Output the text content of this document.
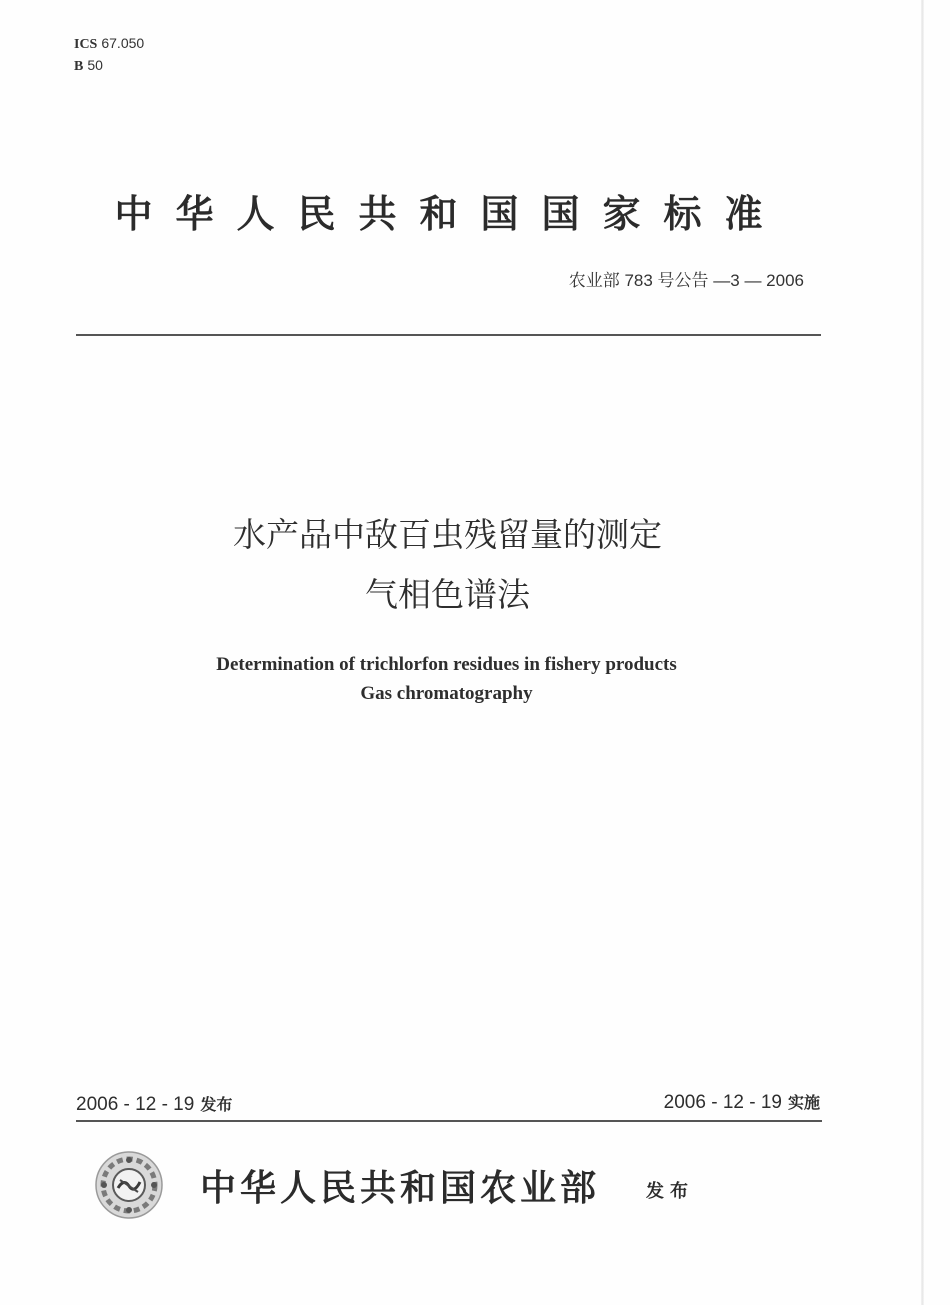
ICS 67.050
B 50
中华人民共和国国家标准
农业部 783 号公告 —3 — 2006
水产品中敌百虫残留量的测定
气相色谱法
Determination of trichlorfon residues in fishery products
Gas chromatography
2006 - 12 - 19 发布	2006 - 12 - 19 实施
中华人民共和国农业部	发布
